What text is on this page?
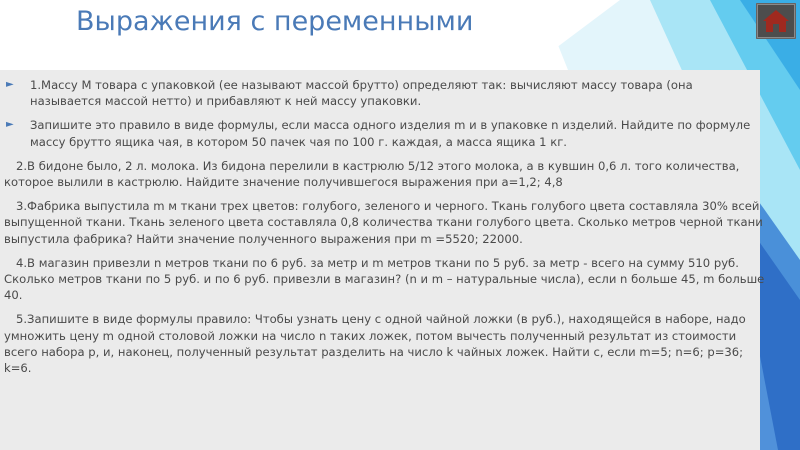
Выражения с переменными
► 1.Массу M товара с упаковкой (ее называют массой брутто) определяют так: вычисляют массу товара (она называется массой нетто) и прибавляют к ней массу упаковки.
► Запишите это правило в виде формулы, если масса одного изделия m и в упаковке n изделий. Найдите по формуле массу брутто ящика чая, в котором 50 пачек чая по 100 г. каждая, а масса ящика 1 кг.
2.В бидоне было, 2 л. молока. Из бидона перелили в кастрюлю 5/12 этого молока, а в кувшин 0,6 л. того количества, которое вылили в кастрюлю. Найдите значение получившегося выражения при а=1,2; 4,8
3.Фабрика выпустила m м ткани трех цветов: голубого, зеленого и черного. Ткань голубого цвета составляла 30% всей выпущенной ткани. Ткань зеленого цвета составляла 0,8 количества ткани голубого цвета. Сколько метров черной ткани выпустила фабрика? Найти значение полученного выражения при m =5520; 22000.
4.В магазин привезли n метров ткани по 6 руб. за метр и m метров ткани по 5 руб. за метр - всего на сумму 510 руб. Сколько метров ткани по 5 руб. и по 6 руб. привезли в магазин? (n и m – натуральные числа), если n больше 45, m больше 40.
5.Запишите в виде формулы правило: Чтобы узнать цену с одной чайной ложки (в руб.), находящейся в наборе, надо умножить цену m одной столовой ложки на число n таких ложек, потом вычесть полученный результат из стоимости всего набора р, и, наконец, полученный результат разделить на число k чайных ложек. Найти с, если m=5; n=6; p=36; k=6.
